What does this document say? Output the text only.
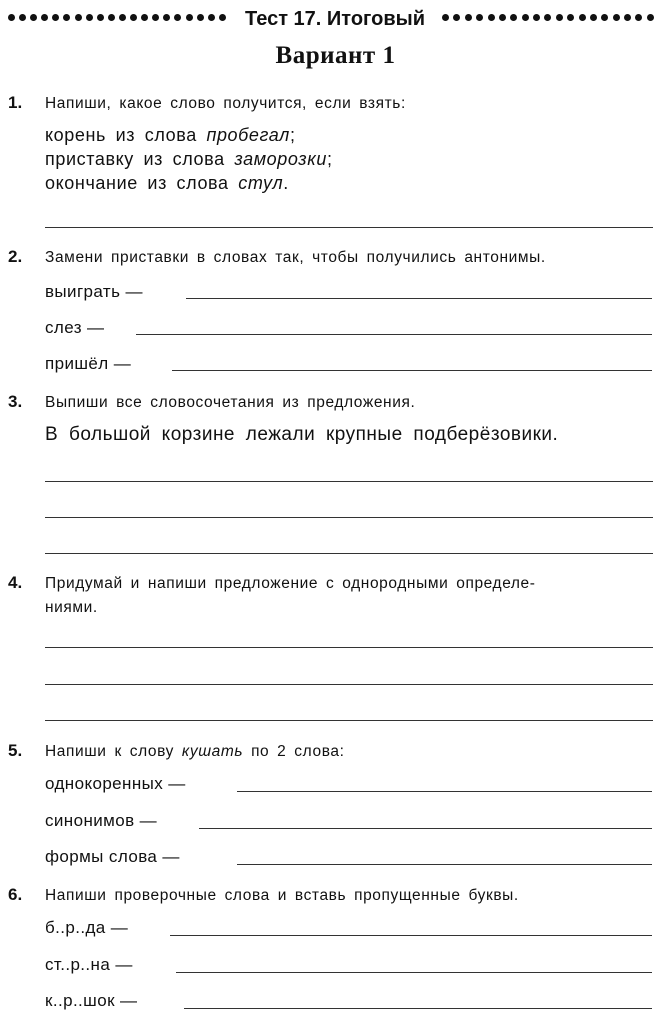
Тест 17. Итоговый
Вариант 1
1. Напиши, какое слово получится, если взять:
корень из слова пробегал;
приставку из слова заморозки;
окончание из слова стул.
2. Замени приставки в словах так, чтобы получились антонимы.
выиграть —
слез —
пришёл —
3. Выпиши все словосочетания из предложения.
В большой корзине лежали крупные подберёзовики.
4. Придумай и напиши предложение с однородными определе-
ниями.
5. Напиши к слову кушать по 2 слова:
однокоренных —
синонимов —
формы слова —
6. Напиши проверочные слова и вставь пропущенные буквы.
б..р..да —
ст..р..на —
к..р..шок —
